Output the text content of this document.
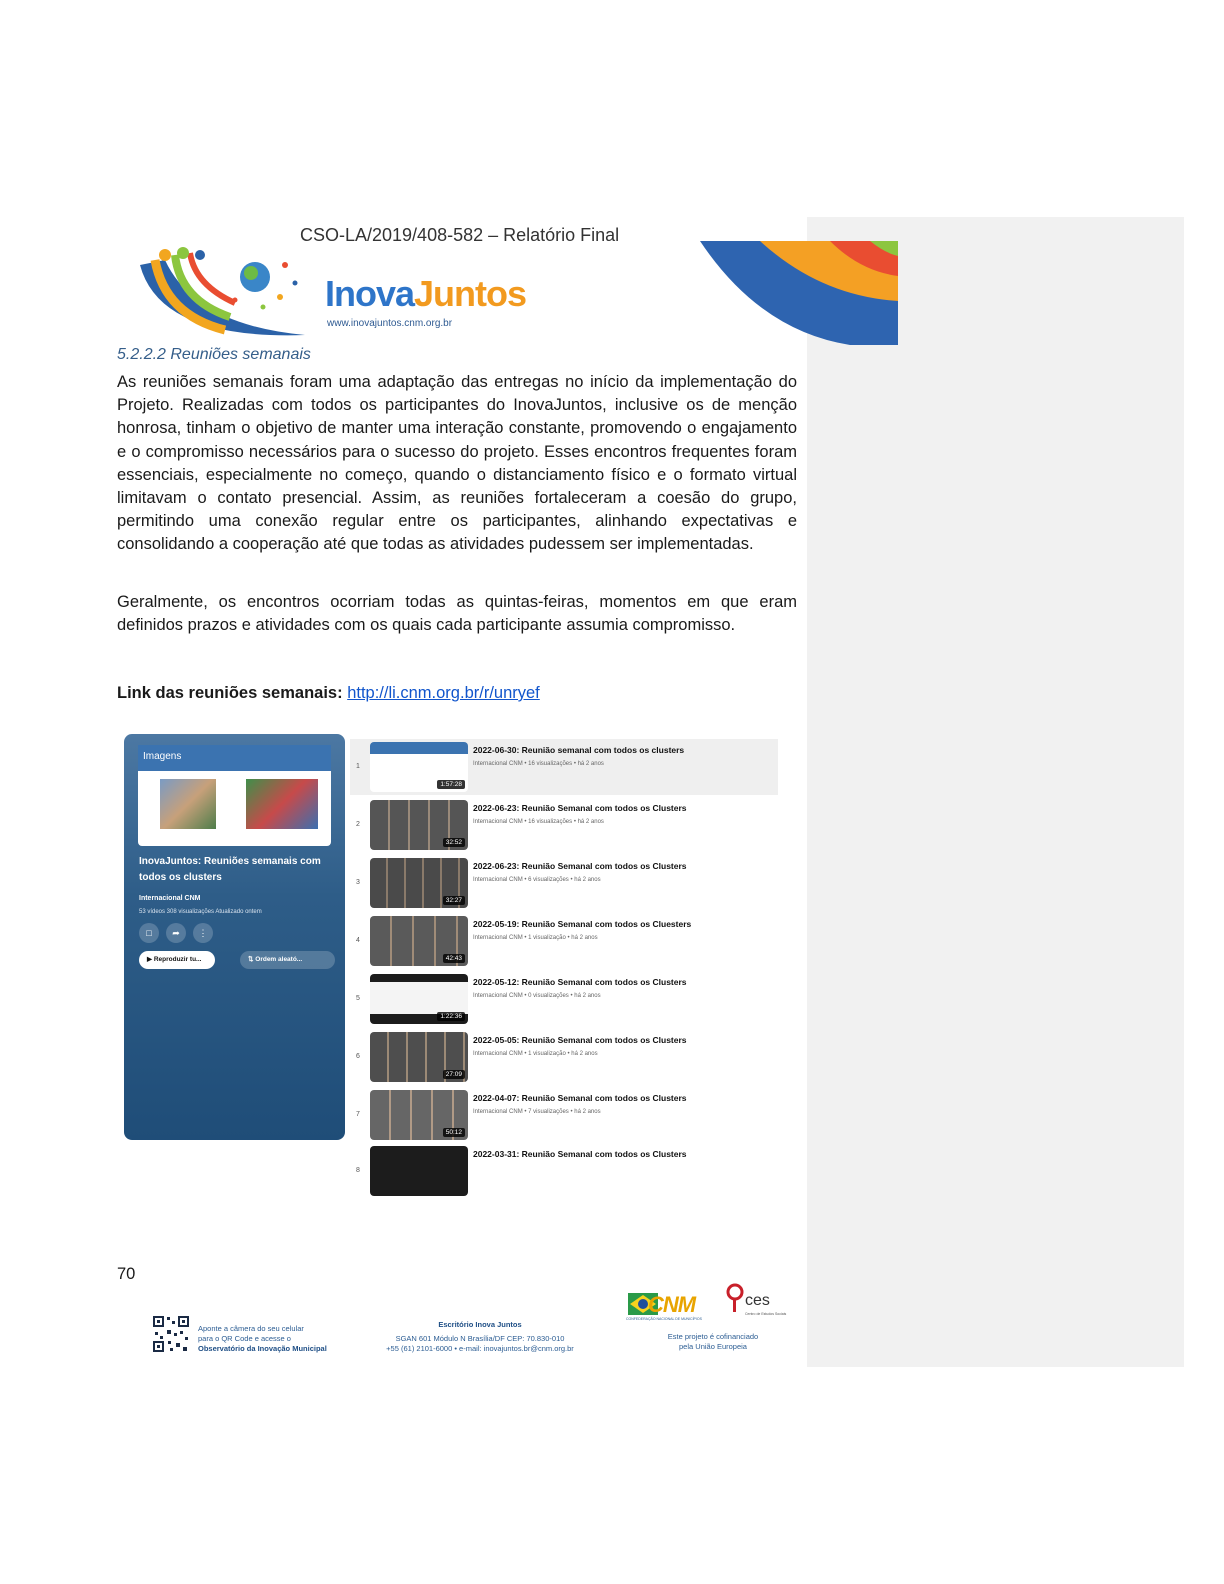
CSO-LA/2019/408-582 – Relatório Final
InovaJuntos
www.inovajuntos.cnm.org.br
5.2.2.2 Reuniões semanais

As reuniões semanais foram uma adaptação das entregas no início da implementação do Projeto. Realizadas com todos os participantes do InovaJuntos, inclusive os de menção honrosa, tinham o objetivo de manter uma interação constante, promovendo o engajamento e o compromisso necessários para o sucesso do projeto. Esses encontros frequentes foram essenciais, especialmente no começo, quando o distanciamento físico e o formato virtual limitavam o contato presencial. Assim, as reuniões fortaleceram a coesão do grupo, permitindo uma conexão regular entre os participantes, alinhando expectativas e consolidando a cooperação até que todas as atividades pudessem ser implementadas.

Geralmente, os encontros ocorriam todas as quintas-feiras, momentos em que eram definidos prazos e atividades com os quais cada participante assumia compromisso.

Link das reuniões semanais: http://li.cnm.org.br/r/unryef
Imagens
InovaJuntos: Reuniões semanais com todos os clusters
Internacional CNM
53 vídeos 308 visualizações Atualizado ontem
□	➦	⋮
▶ Reproduzir tu...	⇅ Ordem aleató...
1
1:57:28
2022-06-30: Reunião semanal com todos os clusters
Internacional CNM • 16 visualizações • há 2 anos
2
32:52
2022-06-23: Reunião Semanal com todos os Clusters
Internacional CNM • 16 visualizações • há 2 anos
3
32:27
2022-06-23: Reunião Semanal com todos os Clusters
Internacional CNM • 6 visualizações • há 2 anos
4
42:43
2022-05-19: Reunião Semanal com todos os Cluesters
Internacional CNM • 1 visualização • há 2 anos
5
1:22:36
2022-05-12: Reunião Semanal com todos os Clusters
Internacional CNM • 0 visualizações • há 2 anos
6
27:09
2022-05-05: Reunião Semanal com todos os Clusters
Internacional CNM • 1 visualização • há 2 anos
7
50:12
2022-04-07: Reunião Semanal com todos os Clusters
Internacional CNM • 7 visualizações • há 2 anos
8
2022-03-31: Reunião Semanal com todos os Clusters
70
Aponte a câmera do seu celular
para o QR Code e acesse o
Observatório da Inovação Municipal
Escritório Inova Juntos
SGAN 601 Módulo N Brasília/DF CEP: 70.830-010
+55 (61) 2101-6000 • e-mail: inovajuntos.br@cnm.org.br
CNM
CONFEDERAÇÃO NACIONAL DE MUNICÍPIOS
ces
Centro de Estudos Sociais
Este projeto é cofinanciado
pela União Europeia
